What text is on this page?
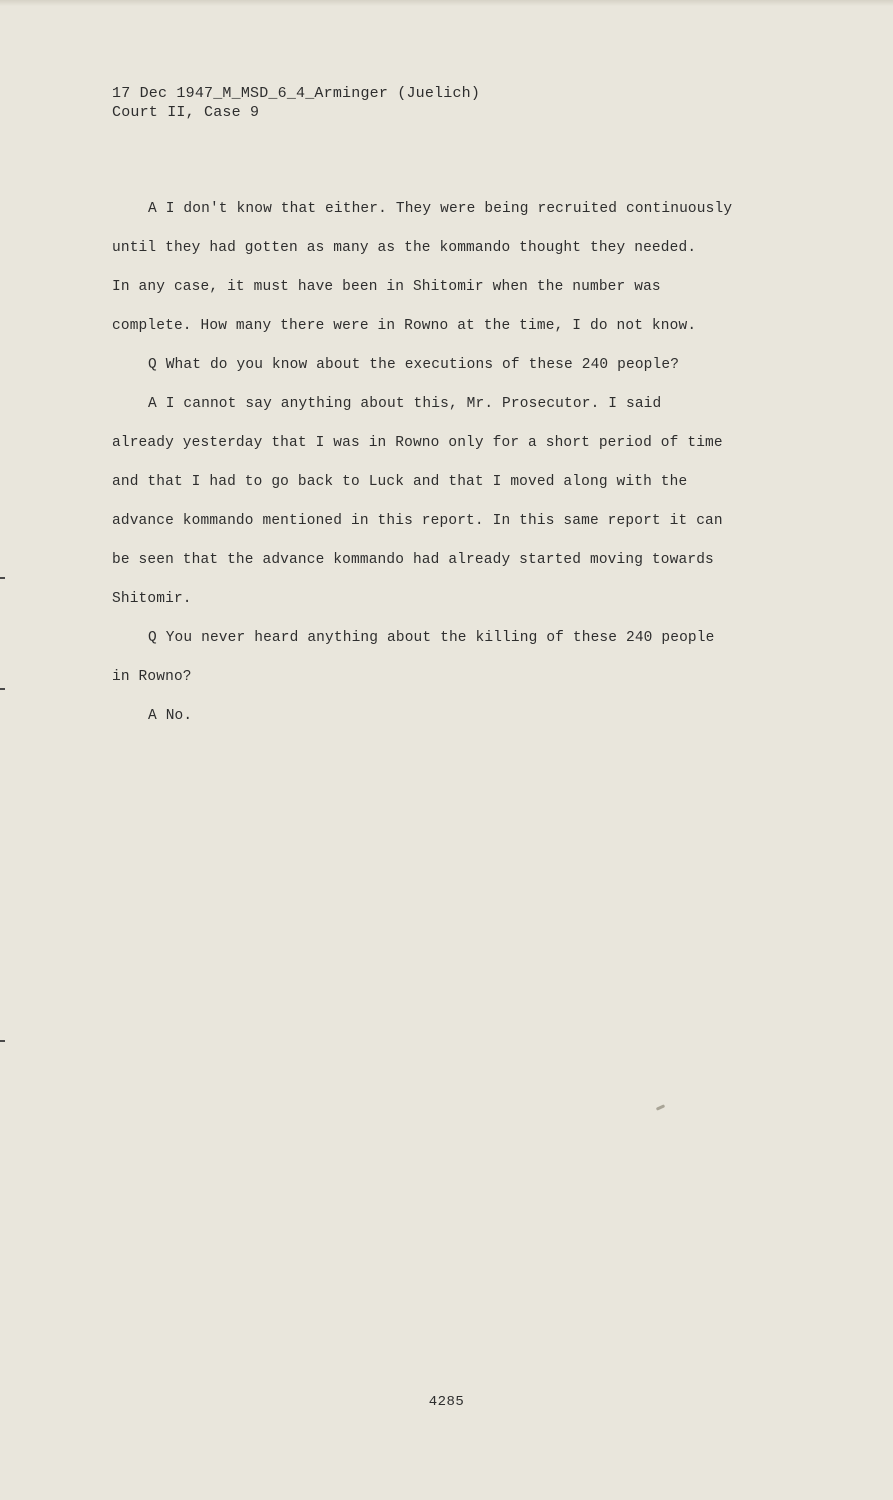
17 Dec 1947_M_MSD_6_4_Arminger (Juelich)
Court II, Case 9
A I don't know that either. They were being recruited continuously
until they had gotten as many as the kommando thought they needed.
In any case, it must have been in Shitomir when the number was
complete. How many there were in Rowno at the time, I do not know.
Q What do you know about the executions of these 240 people?
A I cannot say anything about this, Mr. Prosecutor. I said
already yesterday that I was in Rowno only for a short period of time
and that I had to go back to Luck and that I moved along with the
advance kommando mentioned in this report. In this same report it can
be seen that the advance kommando had already started moving towards
Shitomir.
Q You never heard anything about the killing of these 240 people
in Rowno?
A No.
4285
